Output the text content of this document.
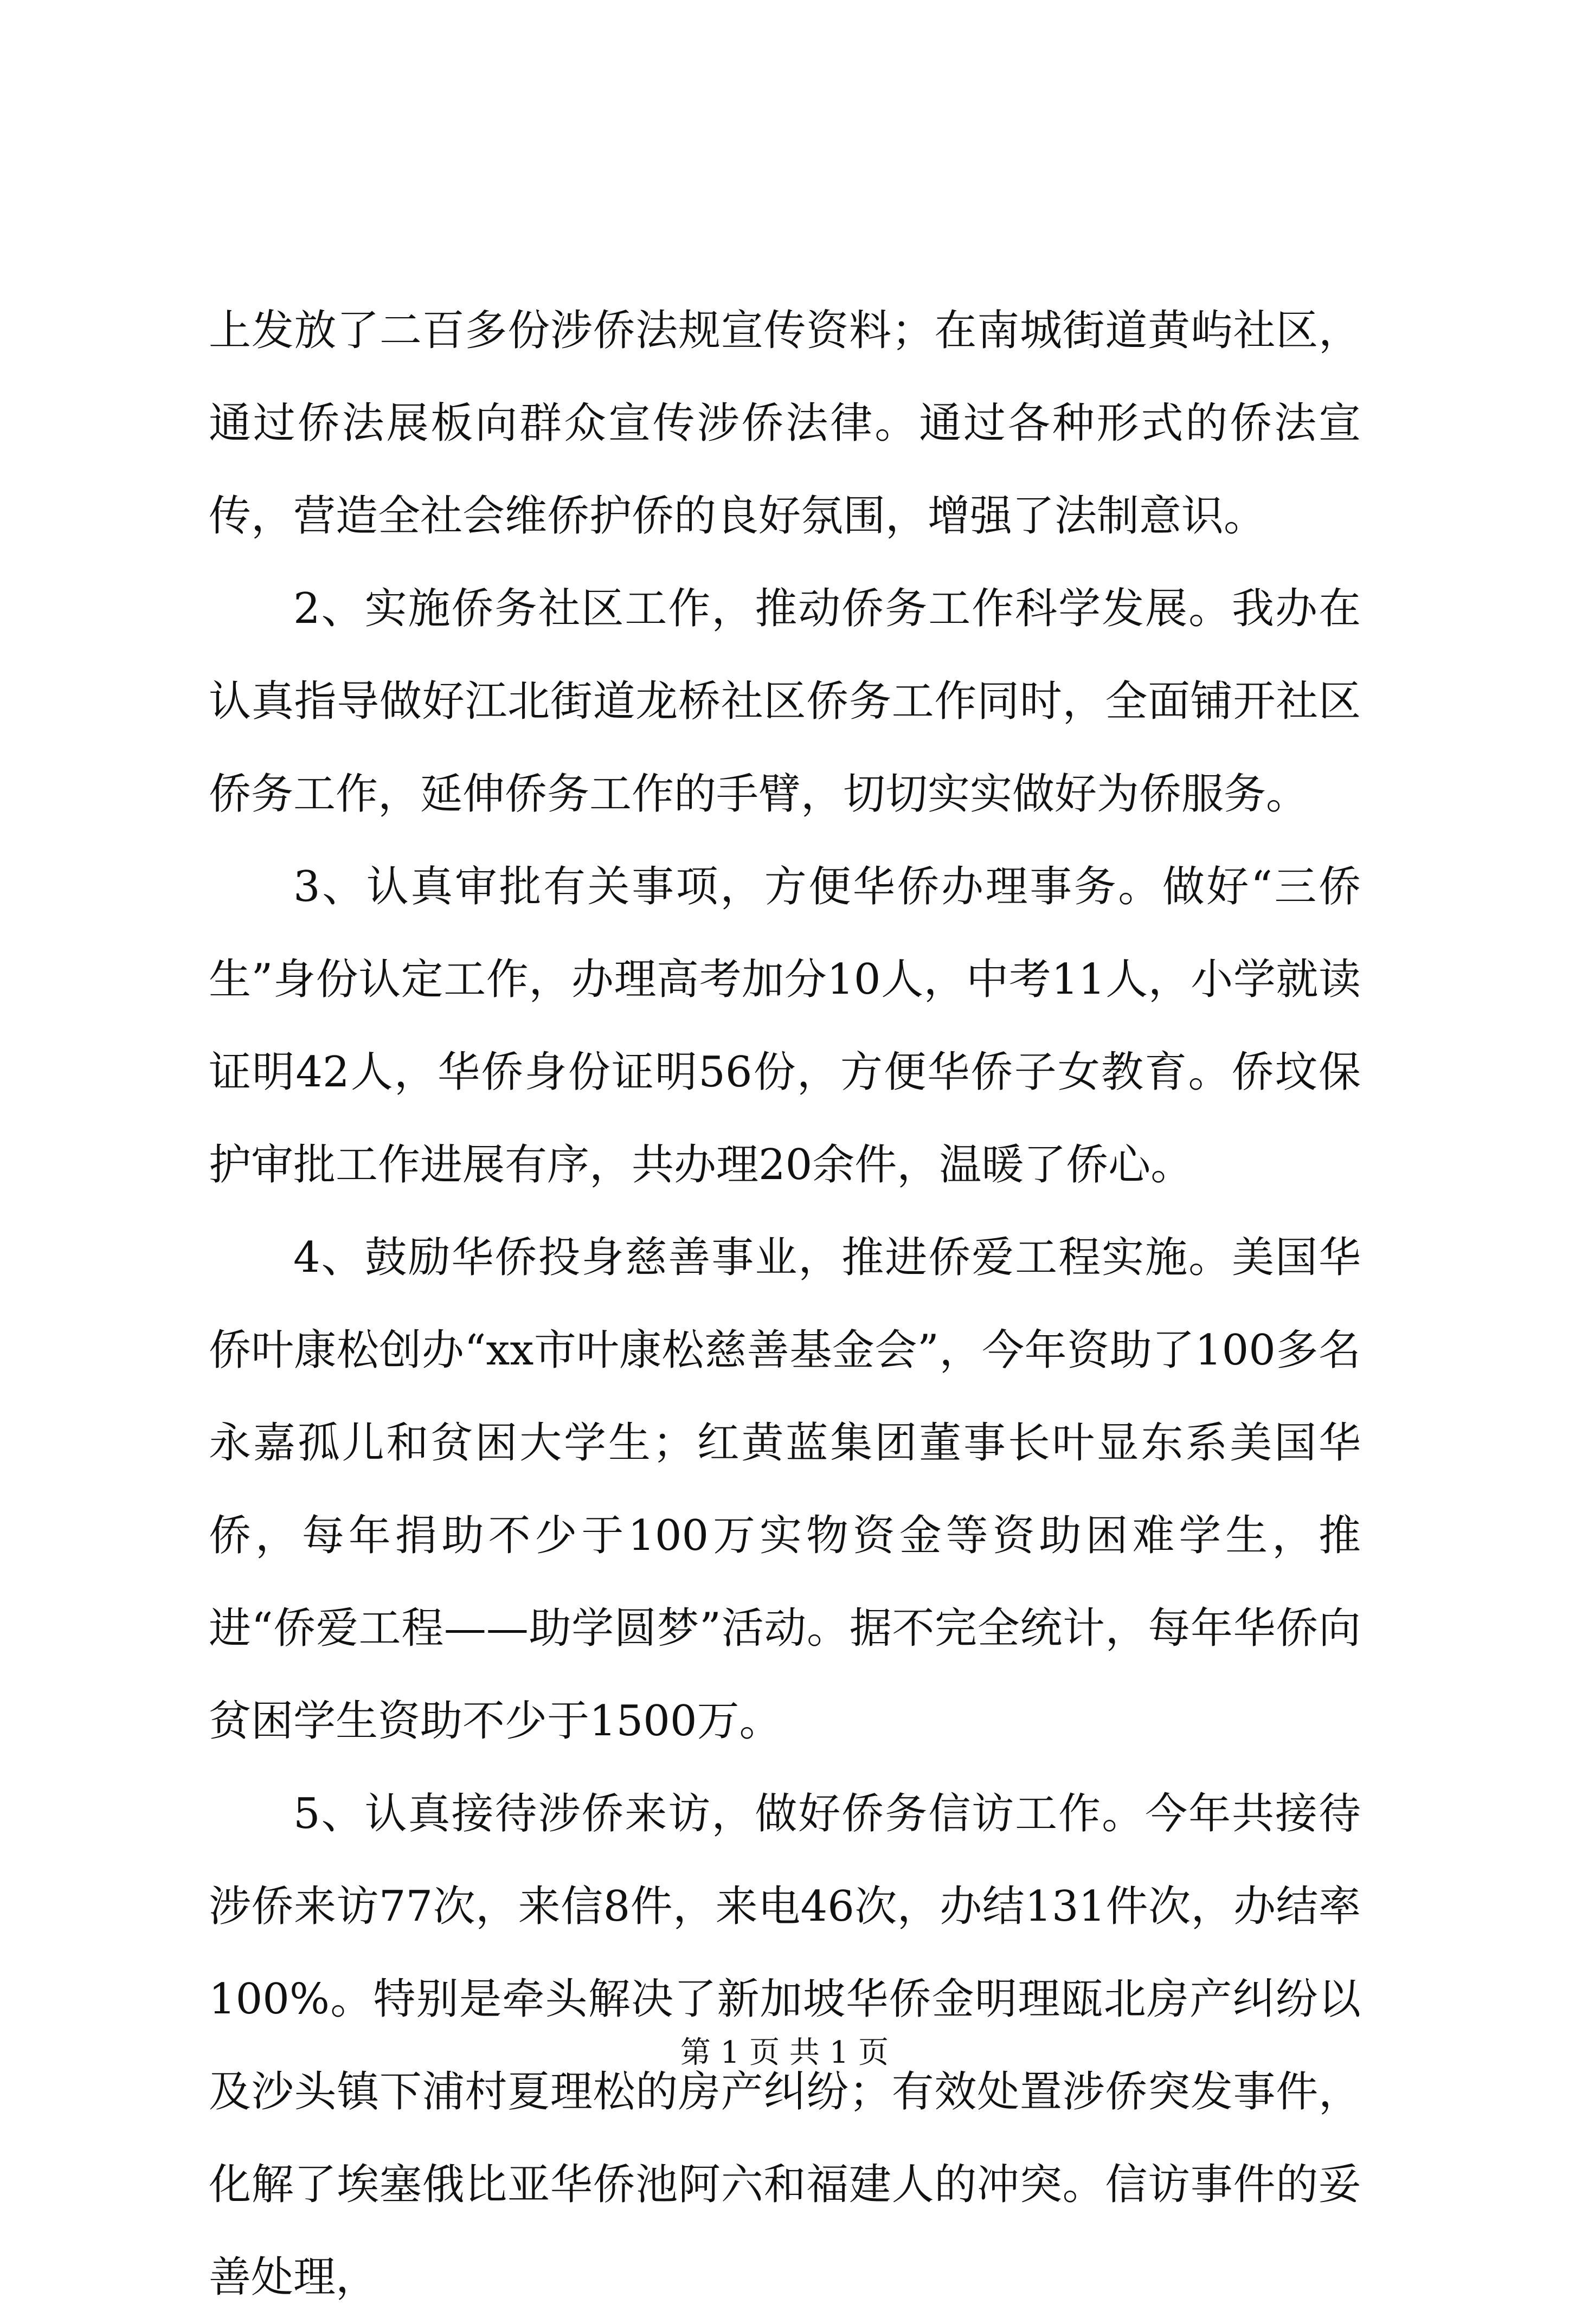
上发放了二百多份涉侨法规宣传资料；在南城街道黄屿社区，通过侨法展板向群众宣传涉侨法律。通过各种形式的侨法宣传，营造全社会维侨护侨的良好氛围，增强了法制意识。

2、实施侨务社区工作，推动侨务工作科学发展。我办在认真指导做好江北街道龙桥社区侨务工作同时，全面铺开社区侨务工作，延伸侨务工作的手臂，切切实实做好为侨服务。

3、认真审批有关事项，方便华侨办理事务。做好“三侨生”身份认定工作，办理高考加分10人，中考11人，小学就读证明42人，华侨身份证明56份，方便华侨子女教育。侨坟保护审批工作进展有序，共办理20余件，温暖了侨心。

4、鼓励华侨投身慈善事业，推进侨爱工程实施。美国华侨叶康松创办“xx市叶康松慈善基金会”，今年资助了100多名永嘉孤儿和贫困大学生；红黄蓝集团董事长叶显东系美国华侨，每年捐助不少于100万实物资金等资助困难学生，推进“侨爱工程——助学圆梦”活动。据不完全统计，每年华侨向贫困学生资助不少于1500万。

5、认真接待涉侨来访，做好侨务信访工作。今年共接待涉侨来访77次，来信8件，来电46次，办结131件次，办结率100%。特别是牵头解决了新加坡华侨金明理瓯北房产纠纷以及沙头镇下浦村夏理松的房产纠纷；有效处置涉侨突发事件，化解了埃塞俄比亚华侨池阿六和福建人的冲突。信访事件的妥善处理，

第 1 页 共 1 页
